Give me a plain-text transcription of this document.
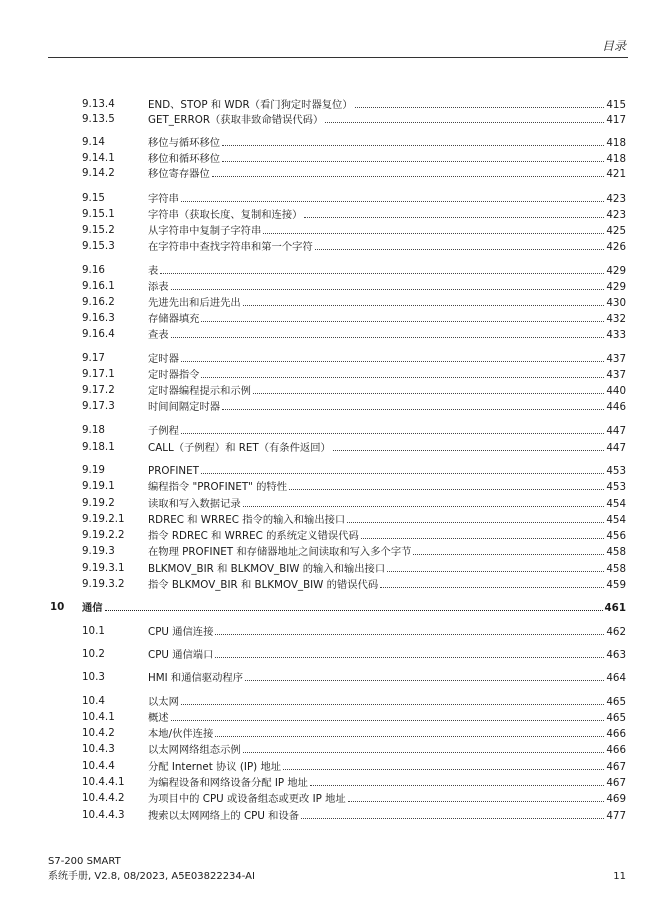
目录
9.13.4	END、STOP 和 WDR（看门狗定时器复位）	415
9.13.5	GET_ERROR（获取非致命错误代码）	417
9.14	移位与循环移位	418
9.14.1	移位和循环移位	418
9.14.2	移位寄存器位	421
9.15	字符串	423
9.15.1	字符串（获取长度、复制和连接）	423
9.15.2	从字符串中复制子字符串	425
9.15.3	在字符串中查找字符串和第一个字符	426
9.16	表	429
9.16.1	添表	429
9.16.2	先进先出和后进先出	430
9.16.3	存储器填充	432
9.16.4	查表	433
9.17	定时器	437
9.17.1	定时器指令	437
9.17.2	定时器编程提示和示例	440
9.17.3	时间间隔定时器	446
9.18	子例程	447
9.18.1	CALL（子例程）和 RET（有条件返回）	447
9.19	PROFINET	453
9.19.1	编程指令 "PROFINET" 的特性	453
9.19.2	读取和写入数据记录	454
9.19.2.1 RDREC 和 WRREC 指令的输入和输出接口	454
9.19.2.2 指令 RDREC 和 WRREC 的系统定义错误代码	456
9.19.3	在物理 PROFINET 和存储器地址之间读取和写入多个字节	458
9.19.3.1 BLKMOV_BIR 和 BLKMOV_BIW 的输入和输出接口	458
9.19.3.2 指令 BLKMOV_BIR 和 BLKMOV_BIW 的错误代码	459
10 通信	461
10.1	CPU 通信连接	462
10.2	CPU 通信端口	463
10.3	HMI 和通信驱动程序	464
10.4	以太网	465
10.4.1	概述	465
10.4.2	本地/伙伴连接	466
10.4.3	以太网网络组态示例	466
10.4.4	分配 Internet 协议 (IP) 地址	467
10.4.4.1 为编程设备和网络设备分配 IP 地址	467
10.4.4.2 为项目中的 CPU 或设备组态或更改 IP 地址	469
10.4.4.3 搜索以太网网络上的 CPU 和设备	477
S7-200 SMART
系统手册, V2.8, 08/2023, A5E03822234-AI	11
